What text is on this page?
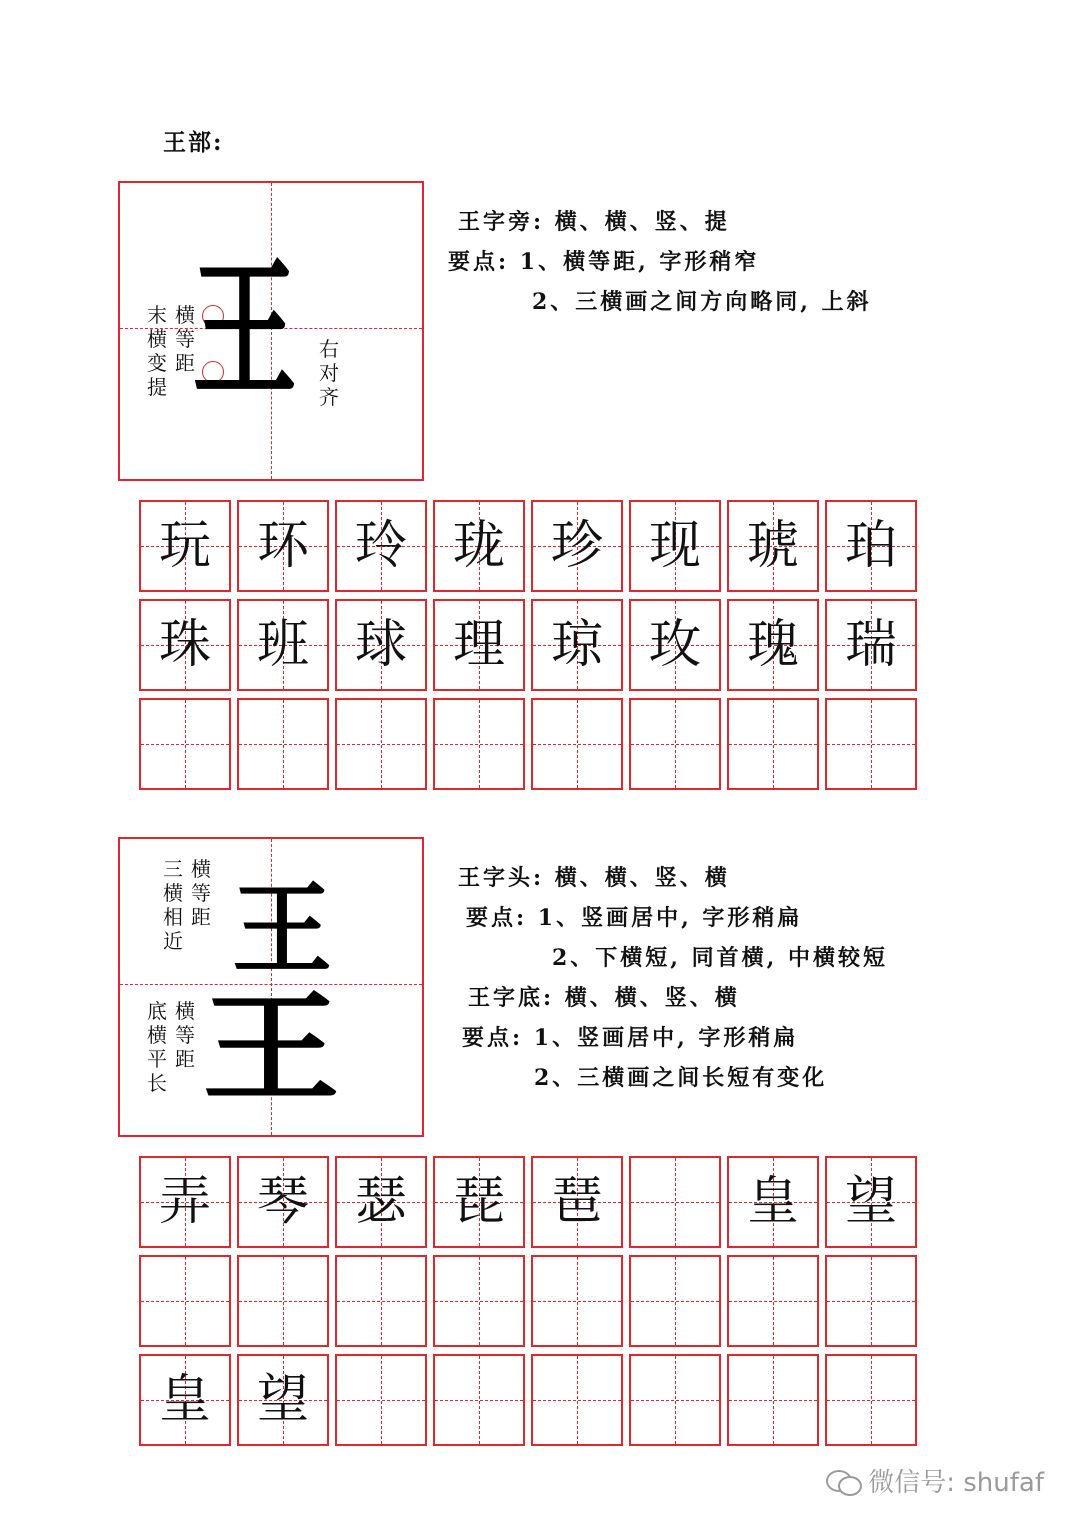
王部:
末
横
变
提
横
等
距
王 右
对
齐
王字旁: 横、横、竖、提
要点: 1、横等距, 字形稍窄
2、三横画之间方向略同, 上斜
玩 环 玲 珑 珍 现 琥 珀
珠 班 球 理 琼 玫 瑰 瑞
三
横
相
近
横
等
距 王
底
横
平
长
横
等
距 王
王字头: 横、横、竖、横
要点: 1、竖画居中, 字形稍扁
2、下横短, 同首横, 中横较短
王字底: 横、横、竖、横
要点: 1、竖画居中, 字形稍扁
2、三横画之间长短有变化
弄 琴 瑟 琵 琶	皇 望
皇 望
微信号: shufaf
